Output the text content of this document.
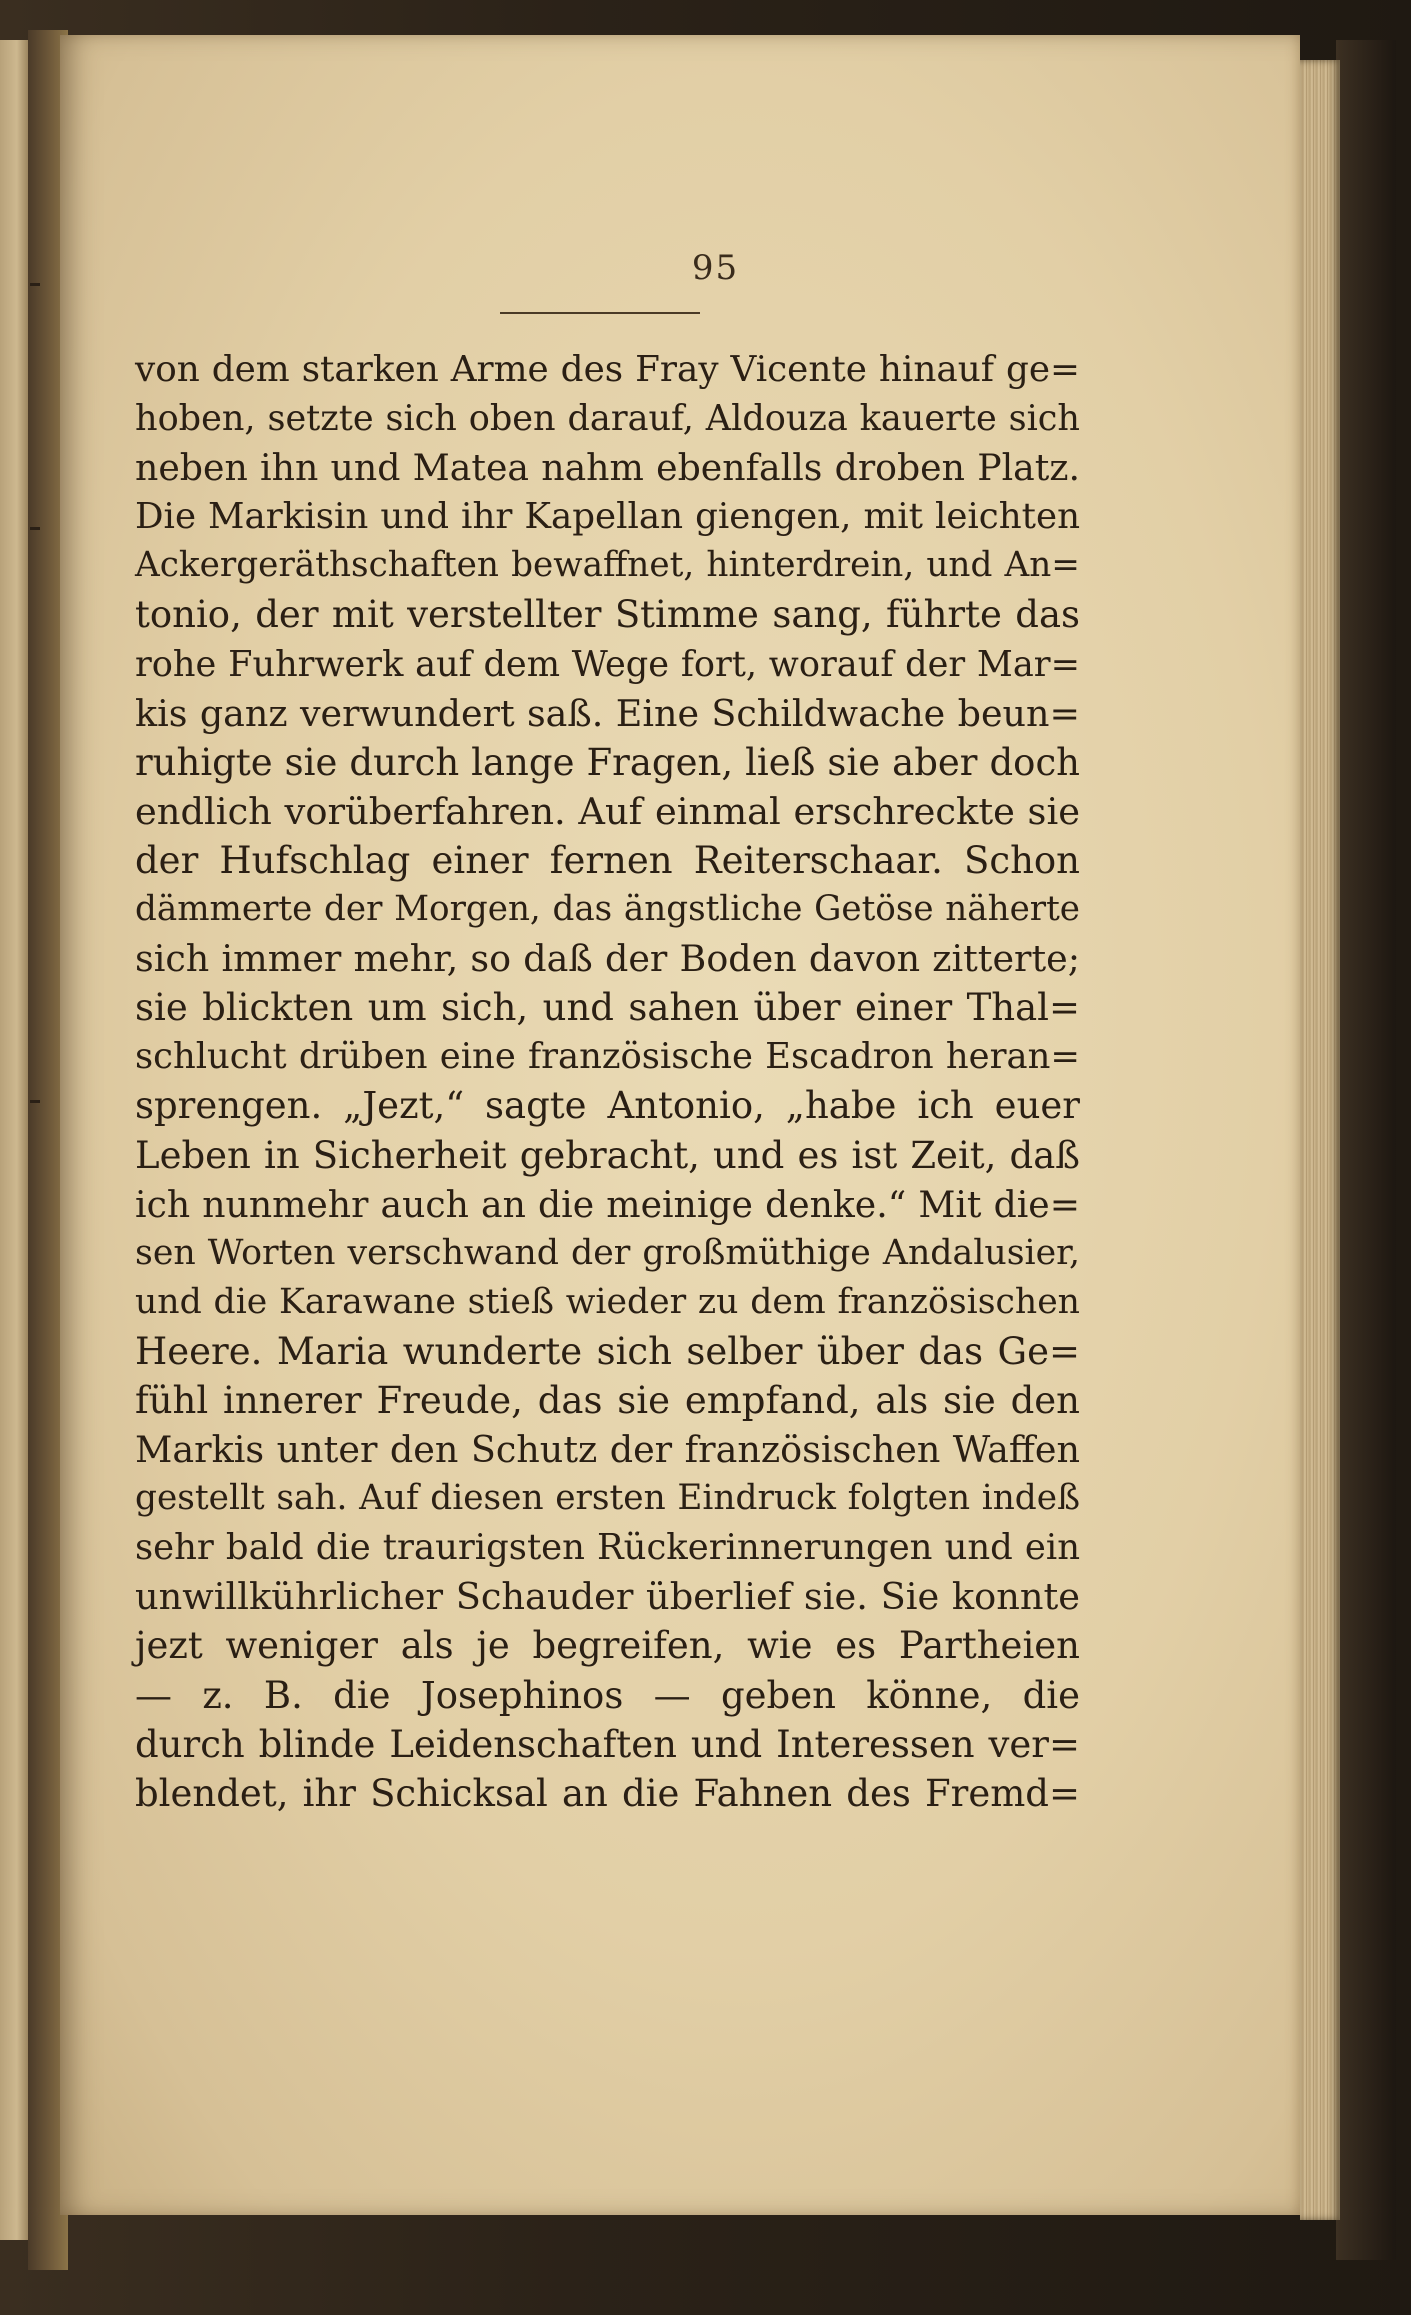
95
von dem starken Arme des Fray Vicente hinauf ge=
hoben, setzte sich oben darauf, Aldouza kauerte sich
neben ihn und Matea nahm ebenfalls droben Platz.
Die Markisin und ihr Kapellan giengen, mit leichten
Ackergeräthschaften bewaffnet, hinterdrein, und An=
tonio, der mit verstellter Stimme sang, führte das
rohe Fuhrwerk auf dem Wege fort, worauf der Mar=
kis ganz verwundert saß. Eine Schildwache beun=
ruhigte sie durch lange Fragen, ließ sie aber doch
endlich vorüberfahren. Auf einmal erschreckte sie
der Hufschlag einer fernen Reiterschaar. Schon
dämmerte der Morgen, das ängstliche Getöse näherte
sich immer mehr, so daß der Boden davon zitterte;
sie blickten um sich, und sahen über einer Thal=
schlucht drüben eine französische Escadron heran=
sprengen. „Jezt,“ sagte Antonio, „habe ich euer
Leben in Sicherheit gebracht, und es ist Zeit, daß
ich nunmehr auch an die meinige denke.“ Mit die=
sen Worten verschwand der großmüthige Andalusier,
und die Karawane stieß wieder zu dem französischen
Heere. Maria wunderte sich selber über das Ge=
fühl innerer Freude, das sie empfand, als sie den
Markis unter den Schutz der französischen Waffen
gestellt sah. Auf diesen ersten Eindruck folgten indeß
sehr bald die traurigsten Rückerinnerungen und ein
unwillkührlicher Schauder überlief sie. Sie konnte
jezt weniger als je begreifen, wie es Partheien
— z. B. die Josephinos — geben könne, die
durch blinde Leidenschaften und Interessen ver=
blendet, ihr Schicksal an die Fahnen des Fremd=
